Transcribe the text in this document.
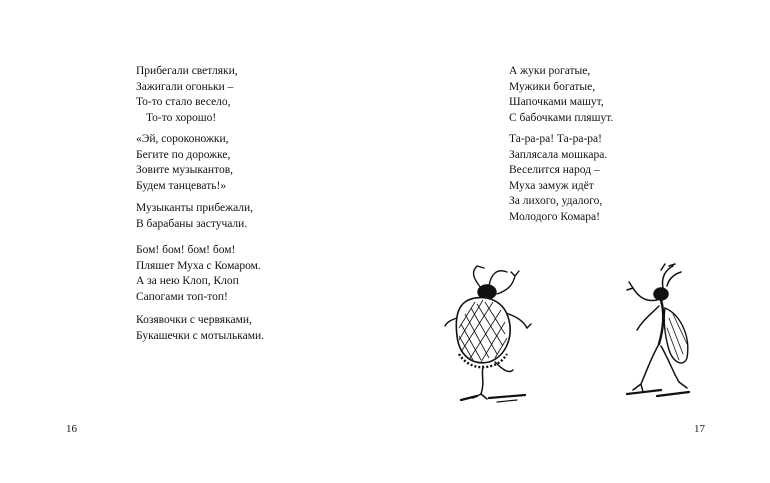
Прибегали светляки,
Зажигали огоньки –
То-то стало весело,
То-то хорошо!
«Эй, сороконожки,
Бегите по дорожке,
Зовите музыкантов,
Будем танцевать!»
Музыканты прибежали,
В барабаны застучали.
Бом! бом! бом! бом!
Пляшет Муха с Комаром.
А за нею Клоп, Клоп
Сапогами топ-топ!
Козявочки с червяками,
Букашечки с мотыльками.
16
А жуки рогатые,
Мужики богатые,
Шапочками машут,
С бабочками пляшут.
Та-ра-ра! Та-ра-ра!
Заплясала мошкара.
Веселится народ –
Муха замуж идёт
За лихого, удалого,
Молодого Комара!
17
